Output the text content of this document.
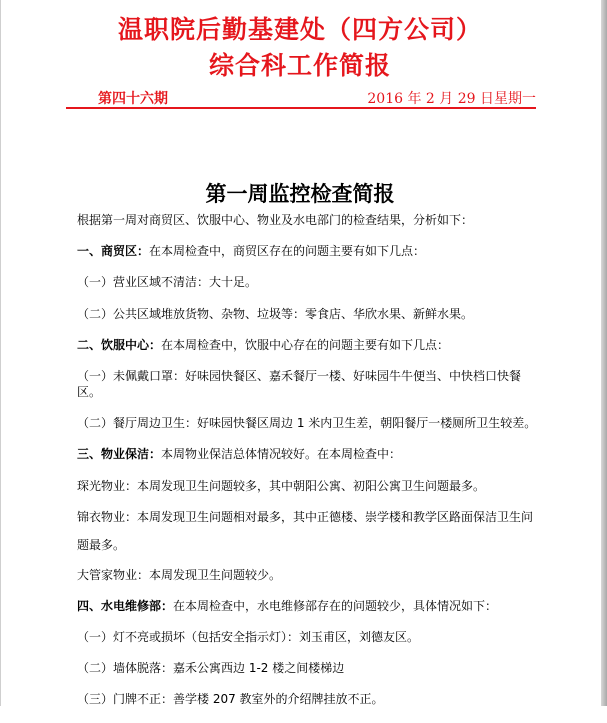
温职院后勤基建处（四方公司）
综合科工作简报
第四十六期	2016 年 2 月 29 日星期一
第一周监控检查简报

根据第一周对商贸区、饮服中心、物业及水电部门的检查结果，分析如下：

一、商贸区：在本周检查中，商贸区存在的问题主要有如下几点：

（一）营业区域不清洁：大十足。

（二）公共区域堆放货物、杂物、垃圾等：零食店、华欣水果、新鲜水果。

二、饮服中心：在本周检查中，饮服中心存在的问题主要有如下几点：

（一）未佩戴口罩：好味园快餐区、嘉禾餐厅一楼、好味园牛牛便当、中快档口快餐区。

（二）餐厅周边卫生：好味园快餐区周边 1 米内卫生差，朝阳餐厅一楼厕所卫生较差。

三、物业保洁：本周物业保洁总体情况较好。在本周检查中：

琛光物业：本周发现卫生问题较多，其中朝阳公寓、初阳公寓卫生问题最多。

锦衣物业：本周发现卫生问题相对最多，其中正德楼、崇学楼和教学区路面保洁卫生问题最多。

大管家物业：本周发现卫生问题较少。

四、水电维修部：在本周检查中，水电维修部存在的问题较少，具体情况如下：

（一）灯不亮或损坏（包括安全指示灯）：刘玉甫区，刘德友区。

（二）墙体脱落：嘉禾公寓西边 1-2 楼之间楼梯边

（三）门牌不正：善学楼 207 教室外的介绍牌挂放不正。
